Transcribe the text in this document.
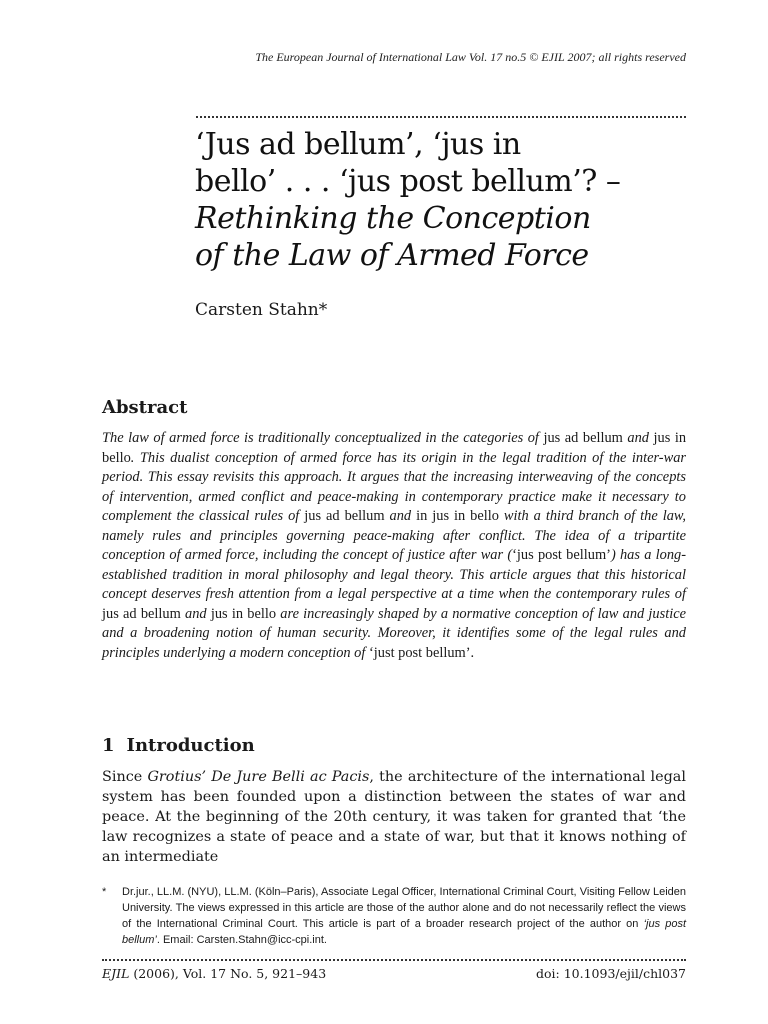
The European Journal of International Law Vol. 17 no.5 © EJIL 2007; all rights reserved
‘Jus ad bellum’, ‘jus in
bello’ . . . ‘jus post bellum’? –
Rethinking the Conception
of the Law of Armed Force
Carsten Stahn*
Abstract
The law of armed force is traditionally conceptualized in the categories of jus ad bellum and jus in bello. This dualist conception of armed force has its origin in the legal tradition of the inter-war period. This essay revisits this approach. It argues that the increasing interweaving of the concepts of intervention, armed conflict and peace-making in contemporary practice make it necessary to complement the classical rules of jus ad bellum and in jus in bello with a third branch of the law, namely rules and principles governing peace-making after conflict. The idea of a tripartite conception of armed force, including the concept of justice after war (‘jus post bellum’) has a long-established tradition in moral philosophy and legal theory. This article argues that this historical concept deserves fresh attention from a legal perspective at a time when the contemporary rules of jus ad bellum and jus in bello are increasingly shaped by a normative conception of law and justice and a broadening notion of human security. Moreover, it identifies some of the legal rules and principles underlying a modern conception of ‘just post bellum’.
1 Introduction
Since Grotius’ De Jure Belli ac Pacis, the architecture of the international legal system has been founded upon a distinction between the states of war and peace. At the beginning of the 20th century, it was taken for granted that ‘the law recognizes a state of peace and a state of war, but that it knows nothing of an intermediate
*	Dr.jur., LL.M. (NYU), LL.M. (Köln–Paris), Associate Legal Officer, International Criminal Court, Visiting Fellow Leiden University. The views expressed in this article are those of the author alone and do not necessarily reflect the views of the International Criminal Court. This article is part of a broader research project of the author on ‘jus post bellum’. Email: Carsten.Stahn@icc-cpi.int.
EJIL (2006), Vol. 17 No. 5, 921–943	doi: 10.1093/ejil/chl037
